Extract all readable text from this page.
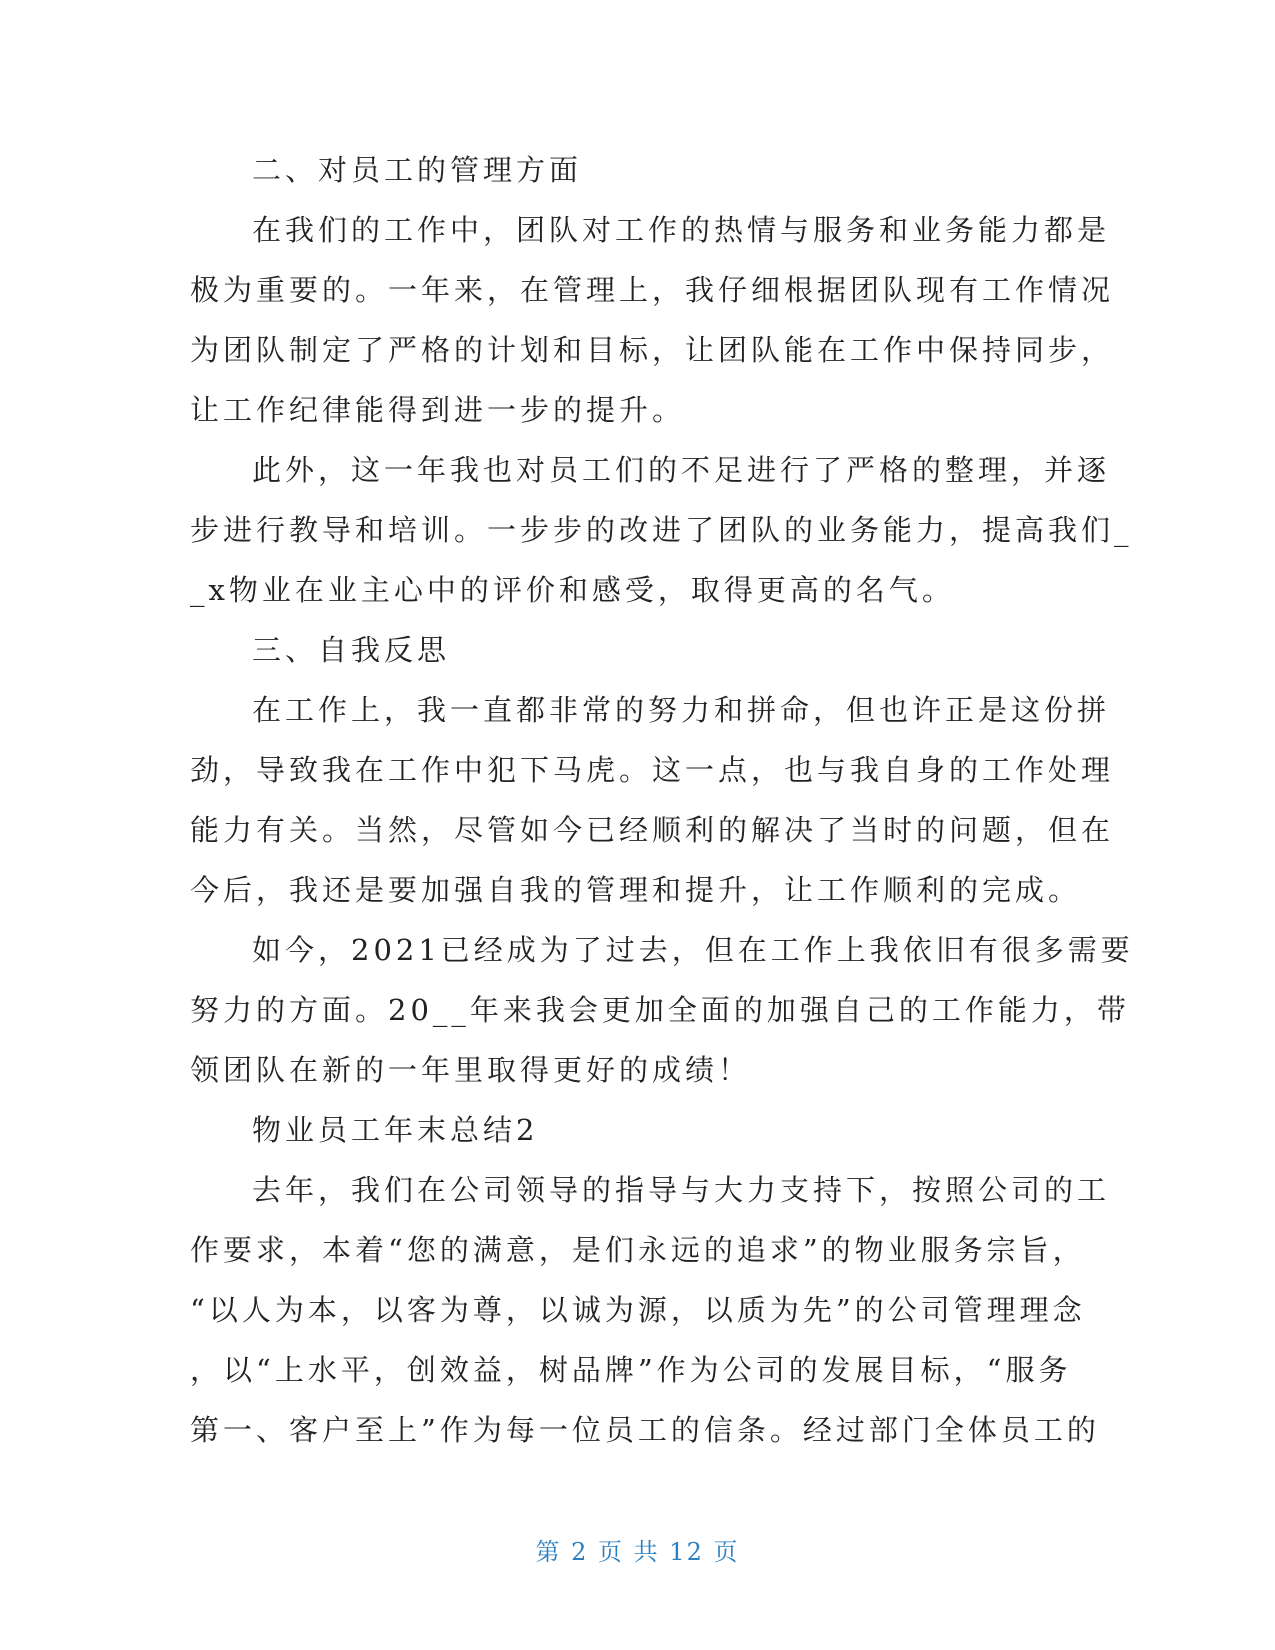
二、对员工的管理方面

在我们的工作中，团队对工作的热情与服务和业务能力都是
极为重要的。一年来，在管理上，我仔细根据团队现有工作情况
为团队制定了严格的计划和目标，让团队能在工作中保持同步，
让工作纪律能得到进一步的提升。

此外，这一年我也对员工们的不足进行了严格的整理，并逐
步进行教导和培训。一步步的改进了团队的业务能力，提高我们_
_x物业在业主心中的评价和感受，取得更高的名气。

三、自我反思

在工作上，我一直都非常的努力和拼命，但也许正是这份拼
劲，导致我在工作中犯下马虎。这一点，也与我自身的工作处理
能力有关。当然，尽管如今已经顺利的解决了当时的问题，但在
今后，我还是要加强自我的管理和提升，让工作顺利的完成。

如今，2021已经成为了过去，但在工作上我依旧有很多需要
努力的方面。20__年来我会更加全面的加强自己的工作能力，带
领团队在新的一年里取得更好的成绩！

物业员工年末总结2

去年，我们在公司领导的指导与大力支持下，按照公司的工
作要求，本着“您的满意，是们永远的追求”的物业服务宗旨，
“以人为本，以客为尊，以诚为源，以质为先”的公司管理理念
，以“上水平，创效益，树品牌”作为公司的发展目标，“服务
第一、客户至上”作为每一位员工的信条。经过部门全体员工的

第 2 页 共 12 页
